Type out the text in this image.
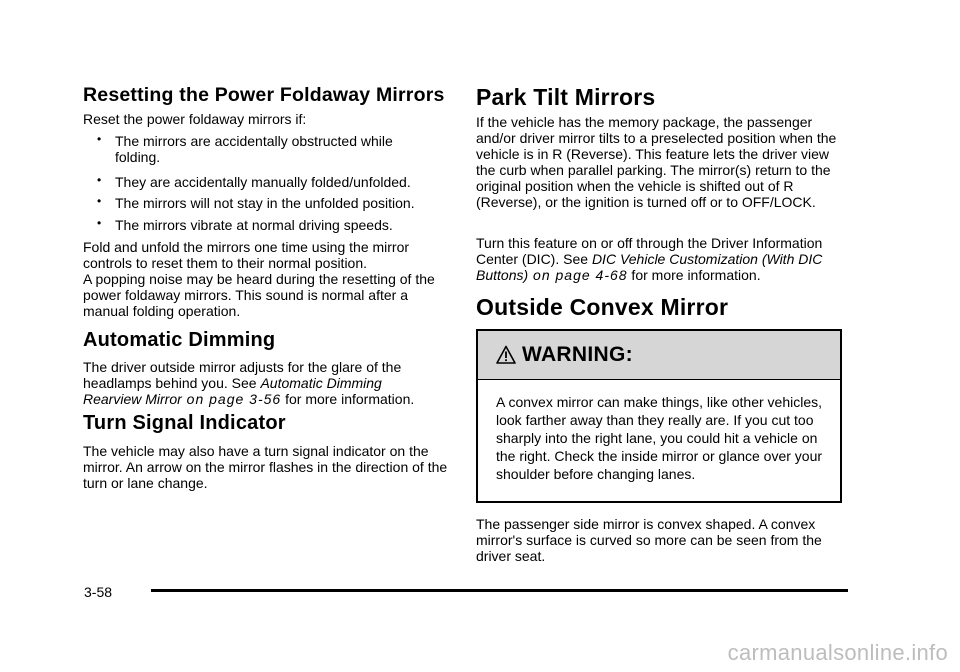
Resetting the Power Foldaway Mirrors

Reset the power foldaway mirrors if:

• The mirrors are accidentally obstructed while folding.
• They are accidentally manually folded/unfolded.
• The mirrors will not stay in the unfolded position.
• The mirrors vibrate at normal driving speeds.

Fold and unfold the mirrors one time using the mirror controls to reset them to their normal position.

A popping noise may be heard during the resetting of the power foldaway mirrors. This sound is normal after a manual folding operation.

Automatic Dimming

The driver outside mirror adjusts for the glare of the headlamps behind you. See Automatic Dimming Rearview Mirror on page 3‑56 for more information.

Turn Signal Indicator

The vehicle may also have a turn signal indicator on the mirror. An arrow on the mirror flashes in the direction of the turn or lane change.

Park Tilt Mirrors

If the vehicle has the memory package, the passenger and/or driver mirror tilts to a preselected position when the vehicle is in R (Reverse). This feature lets the driver view the curb when parallel parking. The mirror(s) return to the original position when the vehicle is shifted out of R (Reverse), or the ignition is turned off or to OFF/LOCK.

Turn this feature on or off through the Driver Information Center (DIC). See DIC Vehicle Customization (With DIC Buttons) on page 4‑68 for more information.

Outside Convex Mirror
WARNING:
A convex mirror can make things, like other vehicles, look farther away than they really are. If you cut too sharply into the right lane, you could hit a vehicle on the right. Check the inside mirror or glance over your shoulder before changing lanes.

The passenger side mirror is convex shaped. A convex mirror's surface is curved so more can be seen from the driver seat.

3-58
carmanualsonline.info
